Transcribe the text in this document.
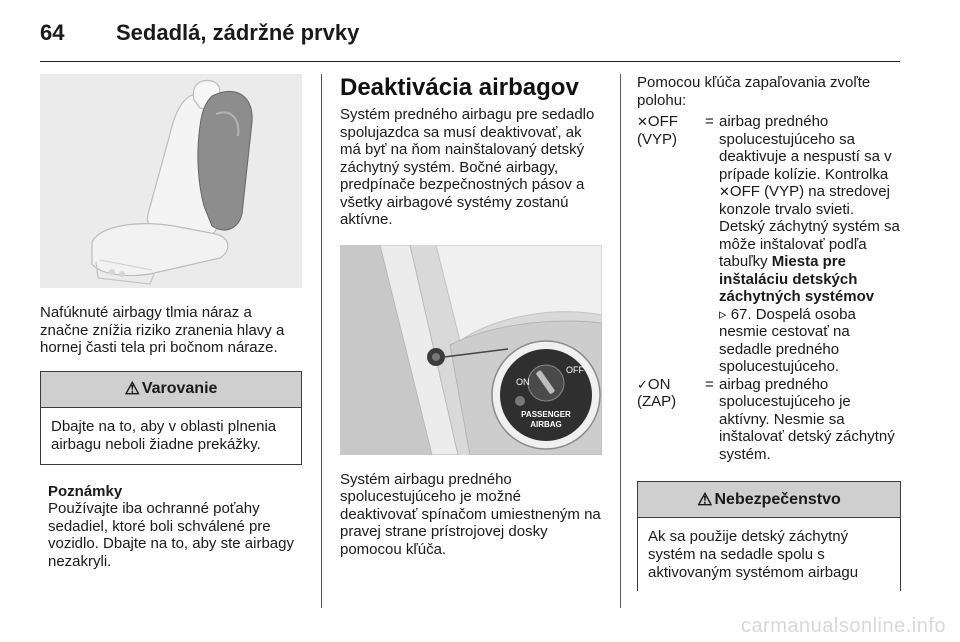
64 Sedadlá, zádržné prvky

Nafúknuté airbagy tlmia náraz a značne znížia riziko zranenia hlavy a hornej časti tela pri bočnom náraze.

⚠ Varovanie
Dbajte na to, aby v oblasti plnenia airbagu neboli žiadne prekážky.
Poznámky

Používajte iba ochranné poťahy sedadiel, ktoré boli schválené pre vozidlo. Dbajte na to, aby ste airbagy nezakryli.

Deaktivácia airbagov

Systém predného airbagu pre sedadlo spolujazdca sa musí deaktivovať, ak má byť na ňom nainštalovaný detský záchytný systém. Bočné airbagy, predpínače bezpečnostných pásov a všetky airbagové systémy zostanú aktívne.

ON
OFF
PASSENGER
AIRBAG

Systém airbagu predného spolucestujúceho je možné deaktivovať spínačom umiestneným na pravej strane prístrojovej dosky pomocou kľúča.

Pomocou kľúča zapaľovania zvoľte polohu:

✕OFF
(VYP)
= airbag predného spolucestujúceho sa deaktivuje a nespustí sa v prípade kolízie. Kontrolka
✕OFF (VYP) na stredovej konzole trvalo svieti. Detský záchytný systém sa môže inštalovať podľa tabuľky Miesta pre inštaláciu detských záchytných systémov
▹ 67. Dospelá osoba nesmie cestovať na sedadle predného spolucestujúceho.
✓ON
(ZAP)
= airbag predného spolucestujúceho je aktívny. Nesmie sa inštalovať detský záchytný systém.
⚠ Nebezpečenstvo
Ak sa použije detský záchytný systém na sedadle spolu s aktivovaným systémom airbagu
carmanualsonline.info
